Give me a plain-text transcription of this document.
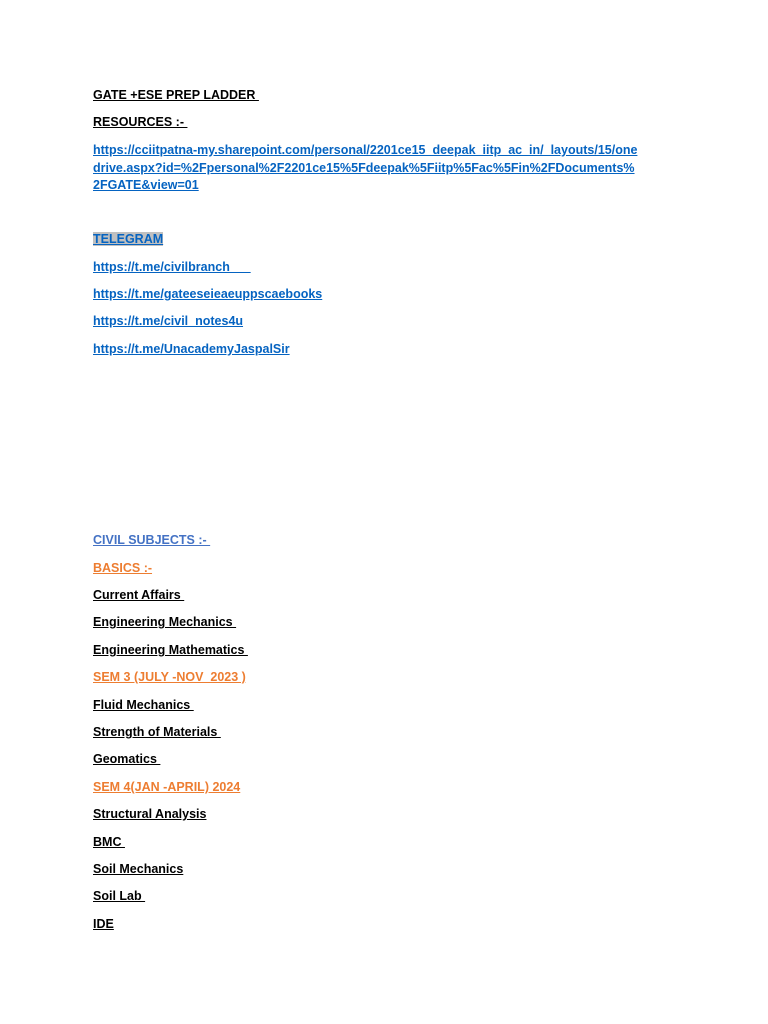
GATE +ESE PREP LADDER
RESOURCES :-
https://cciitpatna-my.sharepoint.com/personal/2201ce15_deepak_iitp_ac_in/_layouts/15/onedrive.aspx?id=%2Fpersonal%2F2201ce15%5Fdeepak%5Fiitp%5Fac%5Fin%2FDocuments%2FGATE&view=01
TELEGRAM
https://t.me/civilbranch
https://t.me/gateeseieaeuppscaebooks
https://t.me/civil_notes4u
https://t.me/UnacademyJaspalSir
CIVIL SUBJECTS :-
BASICS :-
Current Affairs
Engineering Mechanics
Engineering Mathematics
SEM 3 (JULY -NOV  2023 )
Fluid Mechanics
Strength of Materials
Geomatics
SEM 4(JAN -APRIL) 2024
Structural Analysis
BMC
Soil Mechanics
Soil Lab
IDE
